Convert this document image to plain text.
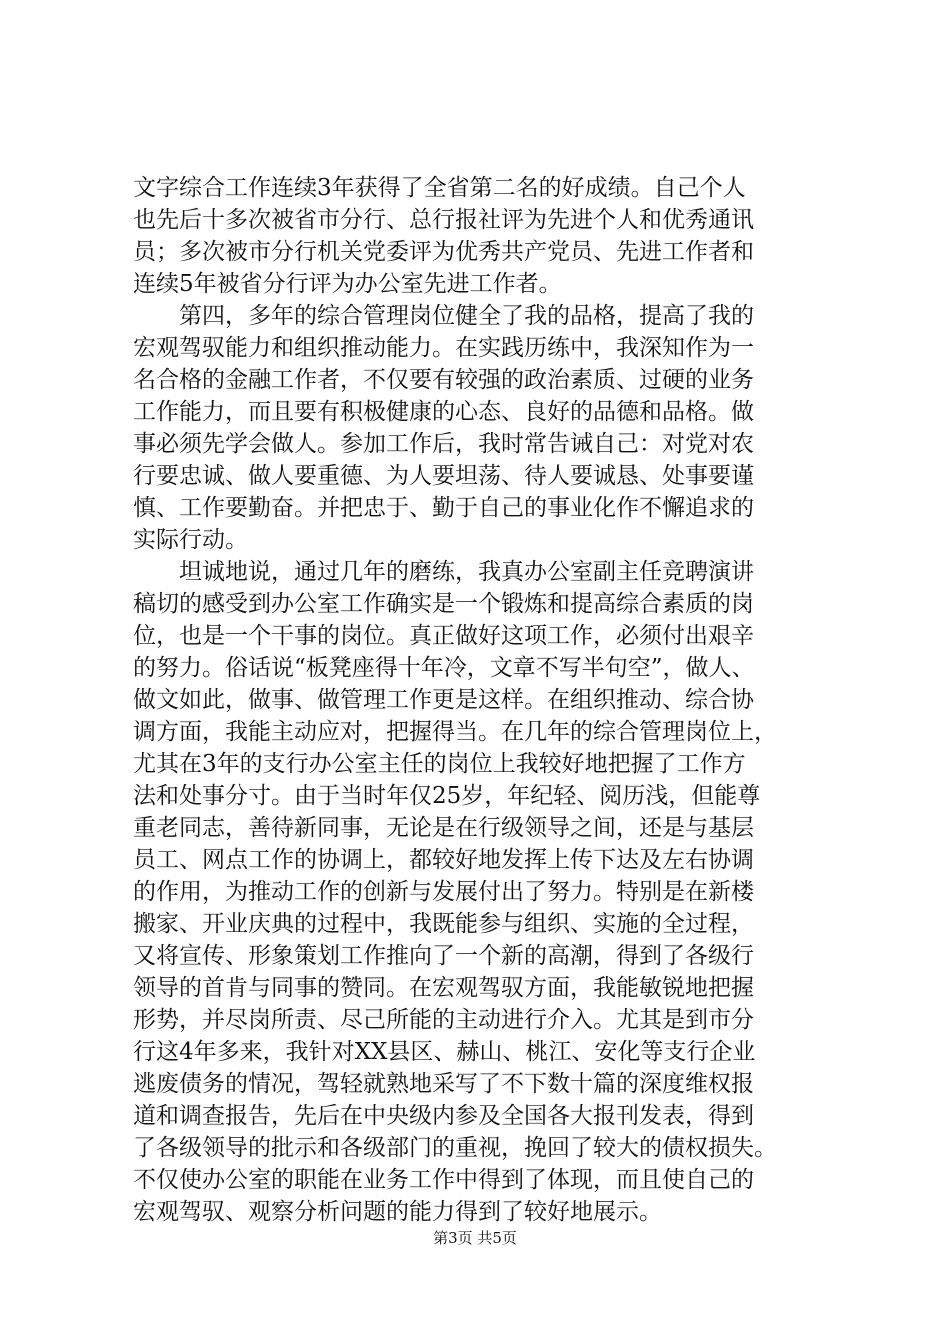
文字综合工作连续3年获得了全省第二名的好成绩。自己个人
也先后十多次被省市分行、总行报社评为先进个人和优秀通讯
员；多次被市分行机关党委评为优秀共产党员、先进工作者和
连续5年被省分行评为办公室先进工作者。
　　第四，多年的综合管理岗位健全了我的品格，提高了我的
宏观驾驭能力和组织推动能力。在实践历练中，我深知作为一
名合格的金融工作者，不仅要有较强的政治素质、过硬的业务
工作能力，而且要有积极健康的心态、良好的品德和品格。做
事必须先学会做人。参加工作后，我时常告诫自己：对党对农
行要忠诚、做人要重德、为人要坦荡、待人要诚恳、处事要谨
慎、工作要勤奋。并把忠于、勤于自己的事业化作不懈追求的
实际行动。
　　坦诚地说，通过几年的磨练，我真办公室副主任竞聘演讲
稿切的感受到办公室工作确实是一个锻炼和提高综合素质的岗
位，也是一个干事的岗位。真正做好这项工作，必须付出艰辛
的努力。俗话说“板凳座得十年冷，文章不写半句空”，做人、
做文如此，做事、做管理工作更是这样。在组织推动、综合协
调方面，我能主动应对，把握得当。在几年的综合管理岗位上，
尤其在3年的支行办公室主任的岗位上我较好地把握了工作方
法和处事分寸。由于当时年仅25岁，年纪轻、阅历浅，但能尊
重老同志，善待新同事，无论是在行级领导之间，还是与基层
员工、网点工作的协调上，都较好地发挥上传下达及左右协调
的作用，为推动工作的创新与发展付出了努力。特别是在新楼
搬家、开业庆典的过程中，我既能参与组织、实施的全过程，
又将宣传、形象策划工作推向了一个新的高潮，得到了各级行
领导的首肯与同事的赞同。在宏观驾驭方面，我能敏锐地把握
形势，并尽岗所责、尽己所能的主动进行介入。尤其是到市分
行这4年多来，我针对XX县区、赫山、桃江、安化等支行企业
逃废债务的情况，驾轻就熟地采写了不下数十篇的深度维权报
道和调查报告，先后在中央级内参及全国各大报刊发表，得到
了各级领导的批示和各级部门的重视，挽回了较大的债权损失。
不仅使办公室的职能在业务工作中得到了体现，而且使自己的
宏观驾驭、观察分析问题的能力得到了较好地展示。
第3页 共5页
